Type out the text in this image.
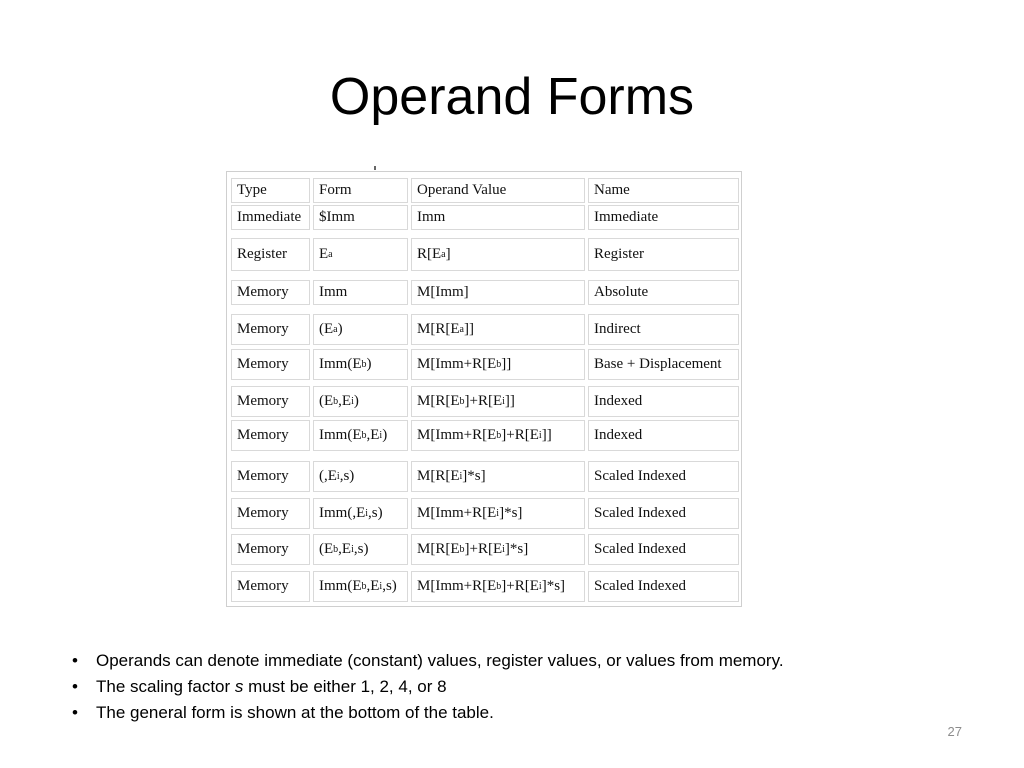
Operand Forms
Type	Form	Operand Value	Name
Immediate	$Imm	Imm	Immediate
Register	E a	R[E a ]	Register
Memory	Imm	M[Imm]	Absolute
Memory	(E a )	M[R[E a ]]	Indirect
Memory	Imm(E b )	M[Imm+R[E b ]]	Base + Displacement
Memory	(E b ,E i )	M[R[E b ]+R[E i ]]	Indexed
Memory	Imm(E b ,E i )	M[Imm+R[E b ]+R[E i ]]	Indexed
Memory	(,E i ,s)	M[R[E i ]*s]	Scaled Indexed
Memory	Imm(,E i ,s)	M[Imm+R[E i ]*s]	Scaled Indexed
Memory	(E b ,E i ,s)	M[R[E b ]+R[E i ]*s]	Scaled Indexed
Memory	Imm(E b ,E i ,s)	M[Imm+R[E b ]+R[E i ]*s]	Scaled Indexed
• Operands can denote immediate (constant) values, register values, or values from memory.
• The scaling factor s must be either 1, 2, 4, or 8
• The general form is shown at the bottom of the table.
27
